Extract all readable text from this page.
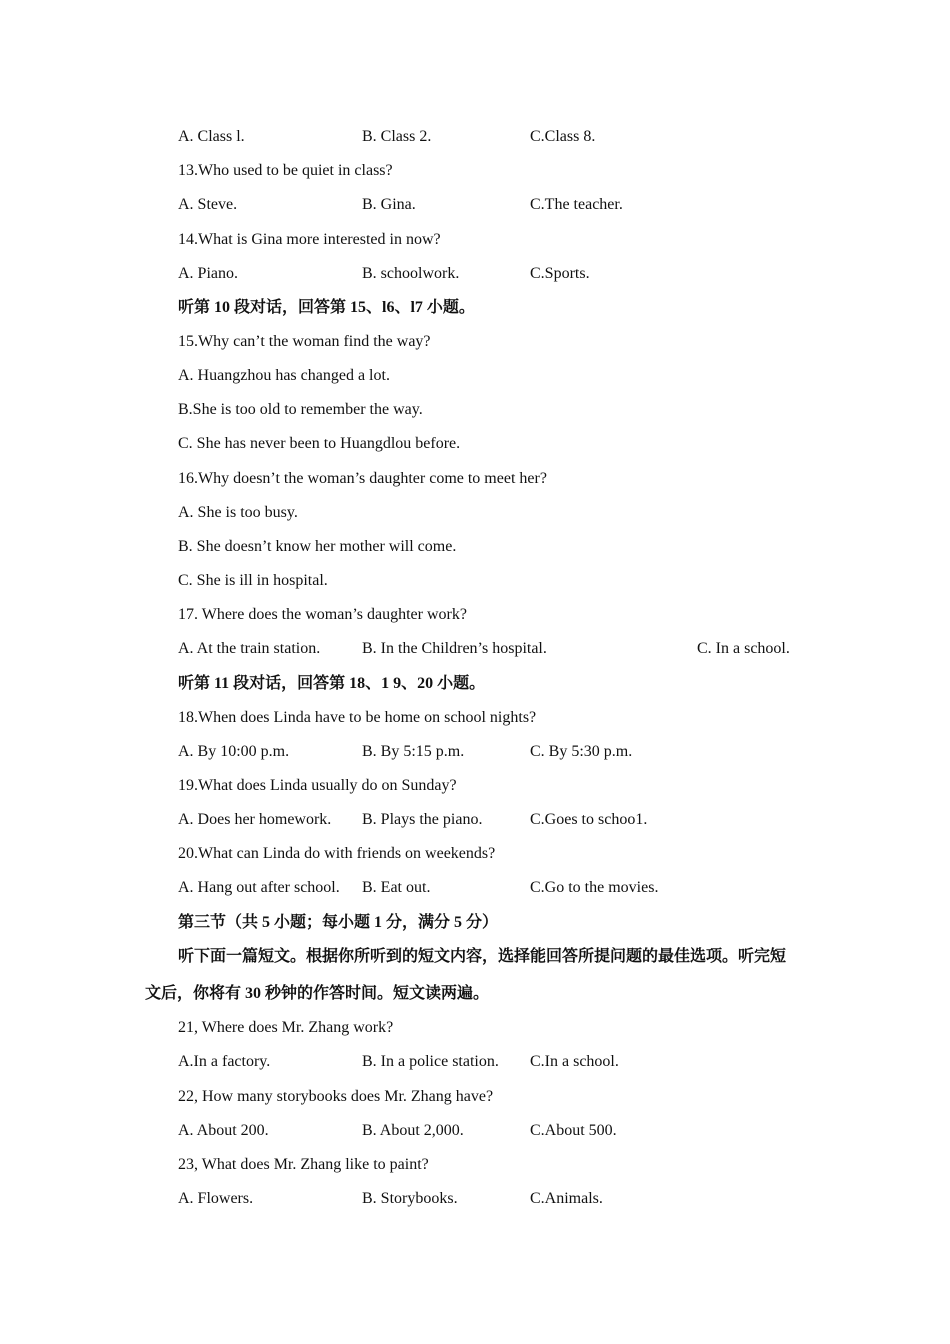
A. Class l.	B. Class 2.	C.Class 8.
13.Who used to be quiet in class?
A. Steve.	B. Gina.	C.The teacher.
14.What is Gina more interested in now?
A. Piano.	B. schoolwork.	C.Sports.
听第 10 段对话，回答第 15、l6、l7 小题。
15.Why can’t the woman find the way?
A. Huangzhou has changed a lot.
B.She is too old to remember the way.
C. She has never been to Huangdlou before.
16.Why doesn’t the woman’s daughter come to meet her?
A. She is too busy.
B. She doesn’t know her mother will come.
C. She is ill in hospital.
17. Where does the woman’s daughter work?
A. At the train station.	B. In the Children’s hospital.	C. In a school.
听第 11 段对话，回答第 18、1 9、20 小题。
18.When does Linda have to be home on school nights?
A. By 10:00 p.m.	B. By 5:15 p.m.	C. By 5:30 p.m.
19.What does Linda usually do on Sunday?
A. Does her homework. B. Plays the piano.	C.Goes to schoo1.
20.What can Linda do with friends on weekends?
A. Hang out after school. B. Eat out.	C.Go to the movies.
第三节（共 5 小题；每小题 1 分，满分 5 分）
听下面一篇短文。根据你所听到的短文内容，选择能回答所提问题的最佳选项。听完短
文后，你将有 30 秒钟的作答时间。短文读两遍。
21, Where does Mr. Zhang work?
A.In a factory.	B. In a police station. C.In a school.
22, How many storybooks does Mr. Zhang have?
A. About 200.	B. About 2,000.	C.About 500.
23, What does Mr. Zhang like to paint?
A. Flowers.	B. Storybooks.	C.Animals.
